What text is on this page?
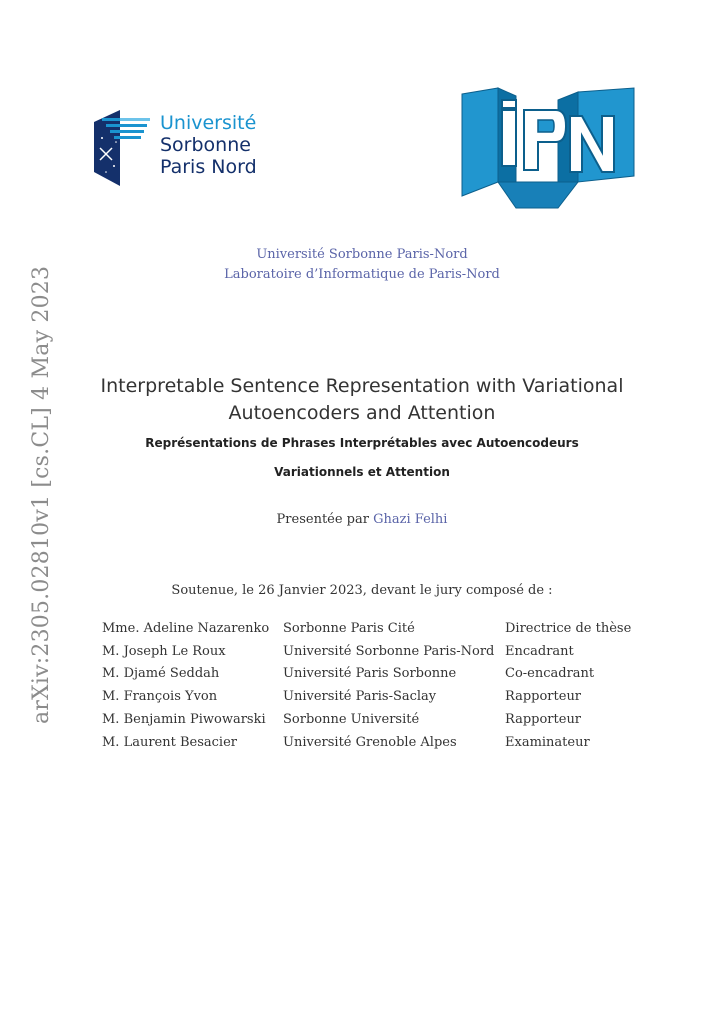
arXiv:2305.02810v1 [cs.CL] 4 May 2023
Université
Sorbonne
Paris Nord
Université Sorbonne Paris-Nord
Laboratoire d’Informatique de Paris-Nord
Interpretable Sentence Representation with Variational
Autoencoders and Attention
Représentations de Phrases Interprétables avec Autoencodeurs
Variationnels et Attention
Presentée par Ghazi Felhi
Soutenue, le 26 Janvier 2023, devant le jury composé de :
Mme. Adeline Nazarenko	Sorbonne Paris Cité	Directrice de thèse
M. Joseph Le Roux	Université Sorbonne Paris-Nord	Encadrant
M. Djamé Seddah	Université Paris Sorbonne	Co-encadrant
M. François Yvon	Université Paris-Saclay	Rapporteur
M. Benjamin Piwowarski	Sorbonne Université	Rapporteur
M. Laurent Besacier	Université Grenoble Alpes	Examinateur
